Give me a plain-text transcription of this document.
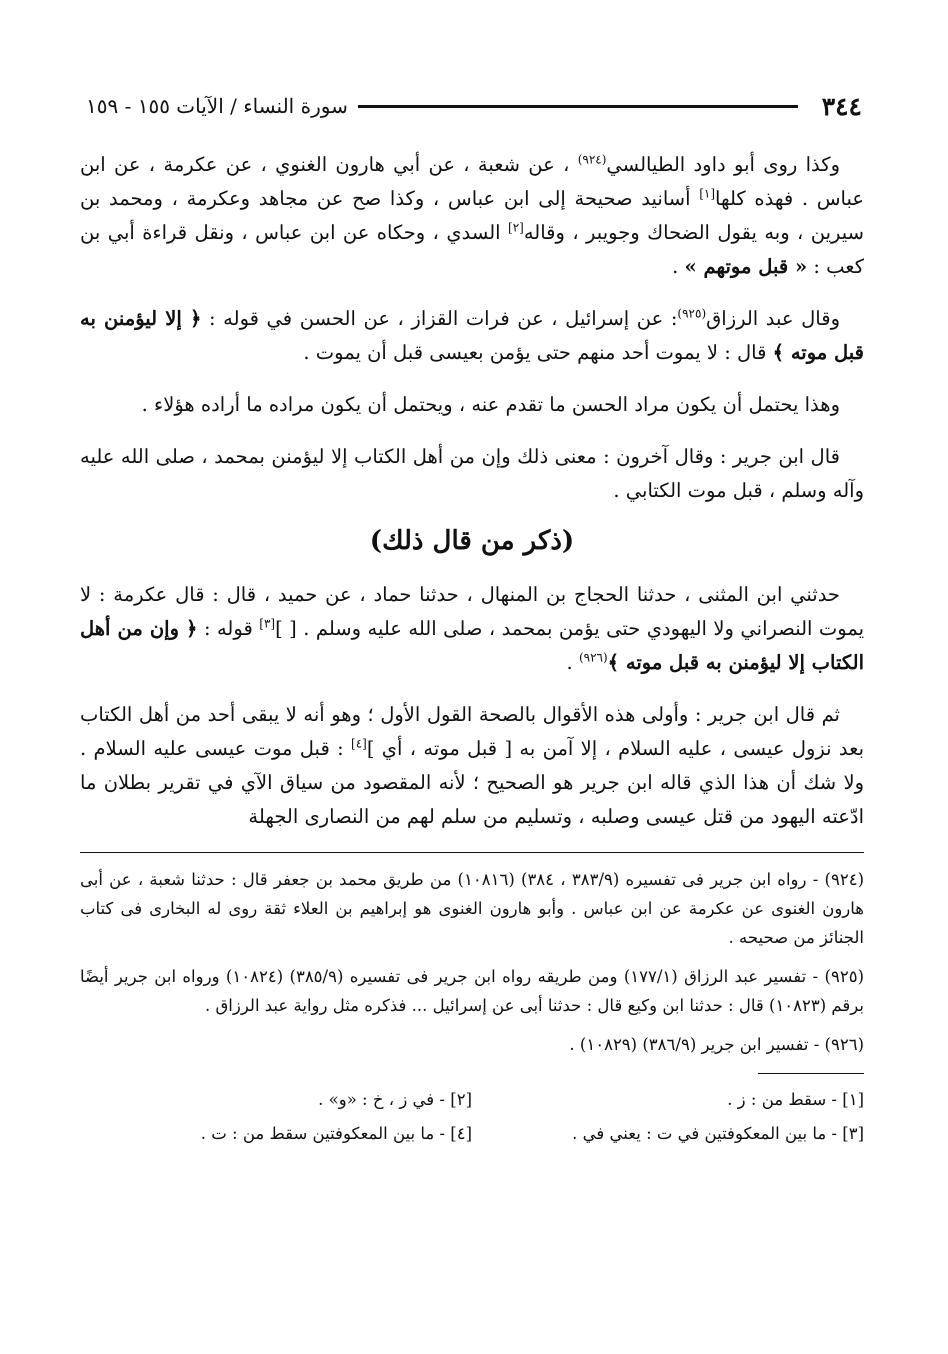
٣٤٤
سورة النساء / الآيات ١٥٥ - ١٥٩

وكذا روى أبو داود الطيالسي$^{(٩٢٤)}$ ، عن شعبة ، عن أبي هارون الغنوي ، عن عكرمة ، عن ابن عباس . فهذه كلها[١] أسانيد صحيحة إلى ابن عباس ، وكذا صح عن مجاهد وعكرمة ، ومحمد بن سيرين ، وبه يقول الضحاك وجويبر ، وقاله[٢] السدي ، وحكاه عن ابن عباس ، ونقل قراءة أبي بن كعب : « قبل موتهم » .

وقال عبد الرزاق$^{(٩٢٥)}$: عن إسرائيل ، عن فرات القزاز ، عن الحسن في قوله : ﴿ إلا ليؤمنن به قبل موته ﴾ قال : لا يموت أحد منهم حتى يؤمن بعيسى قبل أن يموت .

وهذا يحتمل أن يكون مراد الحسن ما تقدم عنه ، ويحتمل أن يكون مراده ما أراده هؤلاء .

قال ابن جرير : وقال آخرون : معنى ذلك وإن من أهل الكتاب إلا ليؤمنن بمحمد ، صلى الله عليه وآله وسلم ، قبل موت الكتابي .

(ذكر من قال ذلك)

حدثني ابن المثنى ، حدثنا الحجاج بن المنهال ، حدثنا حماد ، عن حميد ، قال : قال عكرمة : لا يموت النصراني ولا اليهودي حتى يؤمن بمحمد ، صلى الله عليه وسلم . [ ][٣] قوله : ﴿ وإن من أهل الكتاب إلا ليؤمنن به قبل موته ﴾$^{(٩٢٦)}$ .

ثم قال ابن جرير : وأولى هذه الأقوال بالصحة القول الأول ؛ وهو أنه لا يبقى أحد من أهل الكتاب بعد نزول عيسى ، عليه السلام ، إلا آمن به [ قبل موته ، أي ][٤] : قبل موت عيسى عليه السلام . ولا شك أن هذا الذي قاله ابن جرير هو الصحيح ؛ لأنه المقصود من سياق الآي في تقرير بطلان ما ادّعته اليهود من قتل عيسى وصلبه ، وتسليم من سلم لهم من النصارى الجهلة

(٩٢٤) - رواه ابن جرير فى تفسيره (٣٨٣/٩ ، ٣٨٤) (١٠٨١٦) من طريق محمد بن جعفر قال : حدثنا شعبة ، عن أبى هارون الغنوى عن عكرمة عن ابن عباس . وأبو هارون الغنوى هو إبراهيم بن العلاء ثقة روى له البخارى فى كتاب الجنائز من صحيحه .

(٩٢٥) - تفسير عبد الرزاق (١٧٧/١) ومن طريقه رواه ابن جرير فى تفسيره (٣٨٥/٩) (١٠٨٢٤) ورواه ابن جرير أيضًا برقم (١٠٨٢٣) قال : حدثنا ابن وكيع قال : حدثنا أبى عن إسرائيل ... فذكره مثل رواية عبد الرزاق .

(٩٢٦) - تفسير ابن جرير (٣٨٦/٩) (١٠٨٢٩) .

[١] - سقط من : ز .
[٢] - في ز ، خ : «و» .
[٣] - ما بين المعكوفتين في ت : يعني في .
[٤] - ما بين المعكوفتين سقط من : ت .
